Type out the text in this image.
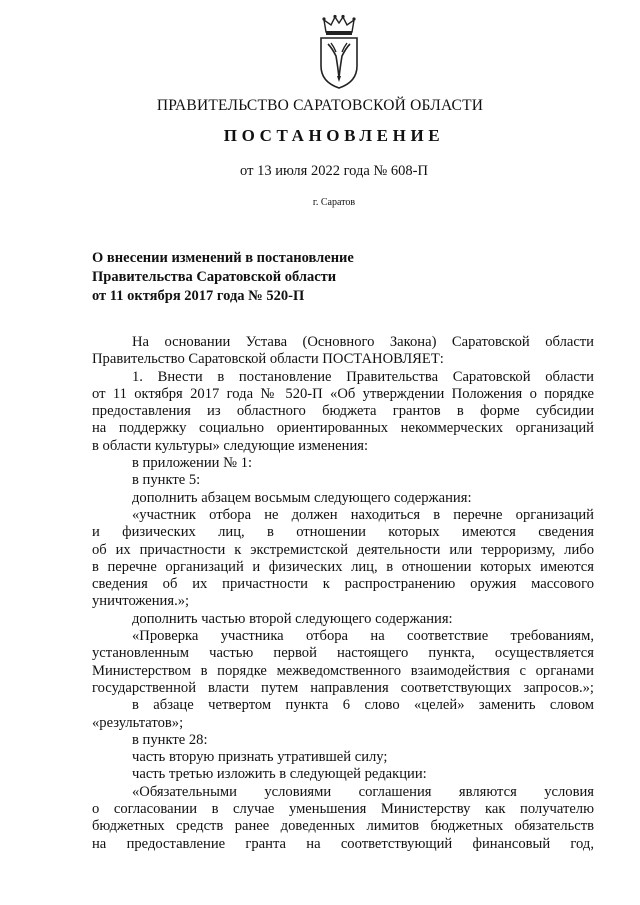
ПРАВИТЕЛЬСТВО САРАТОВСКОЙ ОБЛАСТИ
ПОСТАНОВЛЕНИЕ
от 13 июля 2022 года № 608-П
г. Саратов
О внесении изменений в постановление
Правительства Саратовской области
от 11 октября 2017 года № 520-П
На основании Устава (Основного Закона) Саратовской области
Правительство Саратовской области ПОСТАНОВЛЯЕТ:
1. Внести в постановление Правительства Саратовской области
от 11 октября 2017 года № 520-П «Об утверждении Положения о порядке
предоставления из областного бюджета грантов в форме субсидии
на поддержку социально ориентированных некоммерческих организаций
в области культуры» следующие изменения:
в приложении № 1:
в пункте 5:
дополнить абзацем восьмым следующего содержания:
«участник отбора не должен находиться в перечне организаций
и физических лиц, в отношении которых имеются сведения
об их причастности к экстремистской деятельности или терроризму, либо
в перечне организаций и физических лиц, в отношении которых имеются
сведения об их причастности к распространению оружия массового
уничтожения.»;
дополнить частью второй следующего содержания:
«Проверка участника отбора на соответствие требованиям,
установленным частью первой настоящего пункта, осуществляется
Министерством в порядке межведомственного взаимодействия с органами
государственной власти путем направления соответствующих запросов.»;
в абзаце четвертом пункта 6 слово «целей» заменить словом
«результатов»;
в пункте 28:
часть вторую признать утратившей силу;
часть третью изложить в следующей редакции:
«Обязательными условиями соглашения являются условия
о согласовании в случае уменьшения Министерству как получателю
бюджетных средств ранее доведенных лимитов бюджетных обязательств
на предоставление гранта на соответствующий финансовый год,
